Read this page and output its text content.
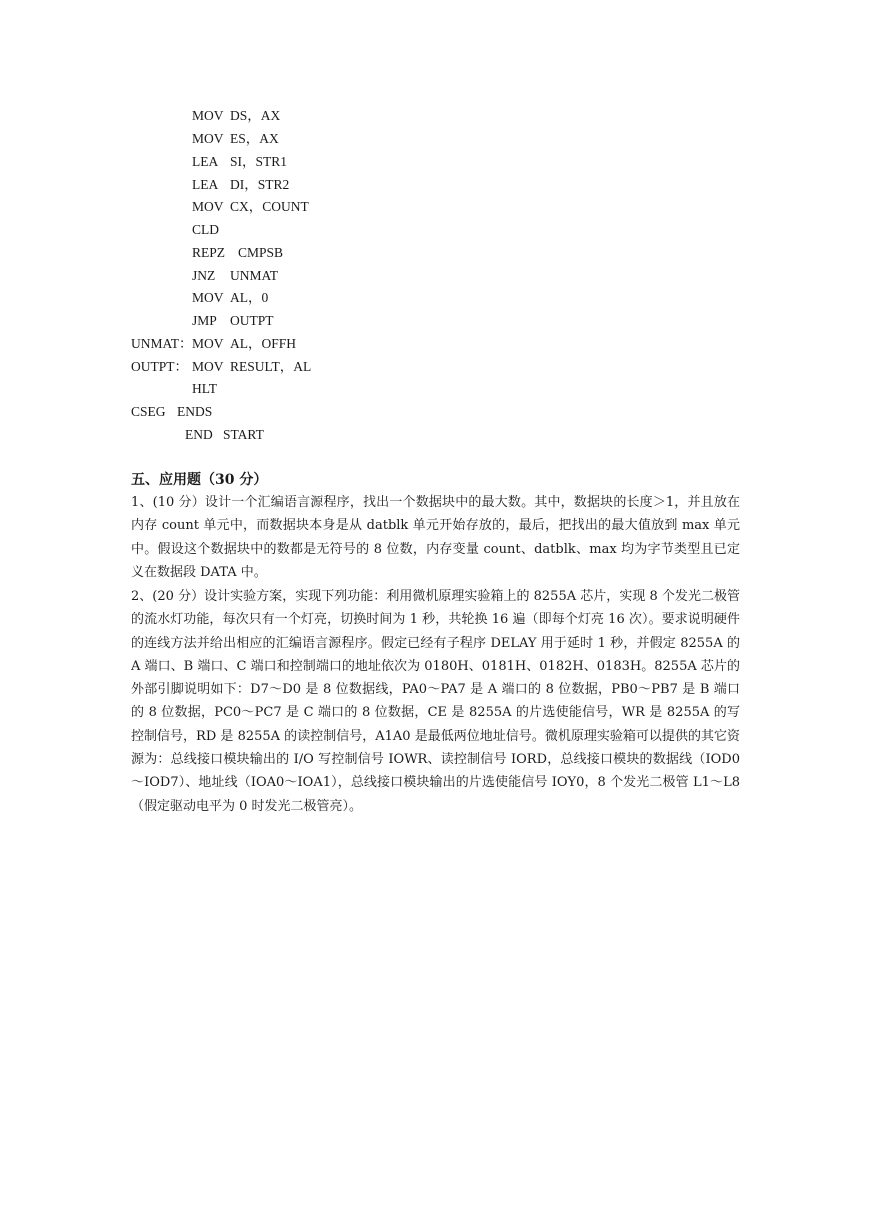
MOV

DS，AX

MOV

ES，AX

LEA

SI，STR1

LEA

DI，STR2

MOV

CX，COUNT

CLD

REPZ

CMPSB

JNZ

UNMAT

MOV

AL，0

JMP

OUTPT

UNMAT：

MOV

AL，OFFH

OUTPT：

MOV

RESULT，AL

HLT

CSEG

ENDS

END

START

五、应用题（30 分）
1、(10 分）设计一个汇编语言源程序，找出一个数据块中的最大数。其中，数据块的长度＞1，并且放在内存 count 单元中，而数据块本身是从 datblk 单元开始存放的，最后，把找出的最大值放到 max 单元中。假设这个数据块中的数都是无符号的 8 位数，内存变量 count、datblk、max 均为字节类型且已定义在数据段 DATA 中。
2、(20 分）设计实验方案，实现下列功能：利用微机原理实验箱上的 8255A 芯片，实现 8 个发光二极管的流水灯功能，每次只有一个灯亮，切换时间为 1 秒，共轮换 16 遍（即每个灯亮 16 次）。要求说明硬件的连线方法并给出相应的汇编语言源程序。假定已经有子程序 DELAY 用于延时 1 秒，并假定 8255A 的 A 端口、B 端口、C 端口和控制端口的地址依次为 0180H、0181H、0182H、0183H。8255A 芯片的外部引脚说明如下：D7～D0 是 8 位数据线，PA0～PA7 是 A 端口的 8 位数据，PB0～PB7 是 B 端口的 8 位数据，PC0～PC7 是 C 端口的 8 位数据，CE 是 8255A 的片选使能信号，WR 是 8255A 的写控制信号，RD 是 8255A 的读控制信号，A1A0 是最低两位地址信号。微机原理实验箱可以提供的其它资源为：总线接口模块输出的 I/O 写控制信号 IOWR、读控制信号 IORD，总线接口模块的数据线（IOD0～IOD7）、地址线（IOA0～IOA1），总线接口模块输出的片选使能信号 IOY0，8 个发光二极管 L1～L8（假定驱动电平为 0 时发光二极管亮）。
